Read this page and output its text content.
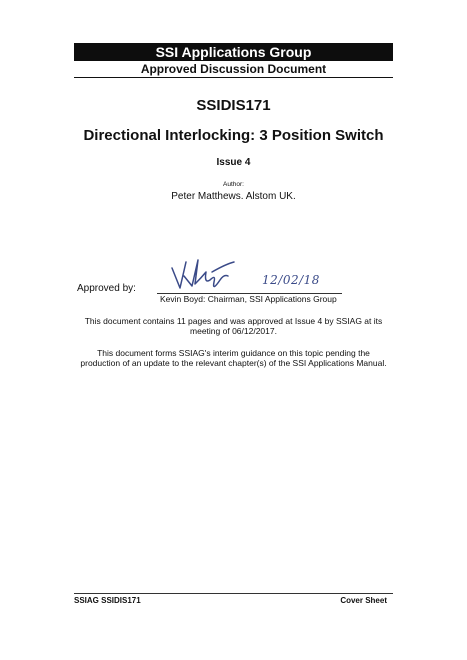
SSI Applications Group
Approved Discussion Document
SSIDIS171
Directional Interlocking: 3 Position Switch
Issue 4
Author:
Peter Matthews. Alstom UK.
Approved by:
12/02/18
Kevin Boyd: Chairman, SSI Applications Group
This document contains 11 pages and was approved at Issue 4 by SSIAG at its meeting of 06/12/2017.
This document forms SSIAG's interim guidance on this topic pending the production of an update to the relevant chapter(s) of the SSI Applications Manual.
SSIAG SSIDIS171	Cover Sheet
